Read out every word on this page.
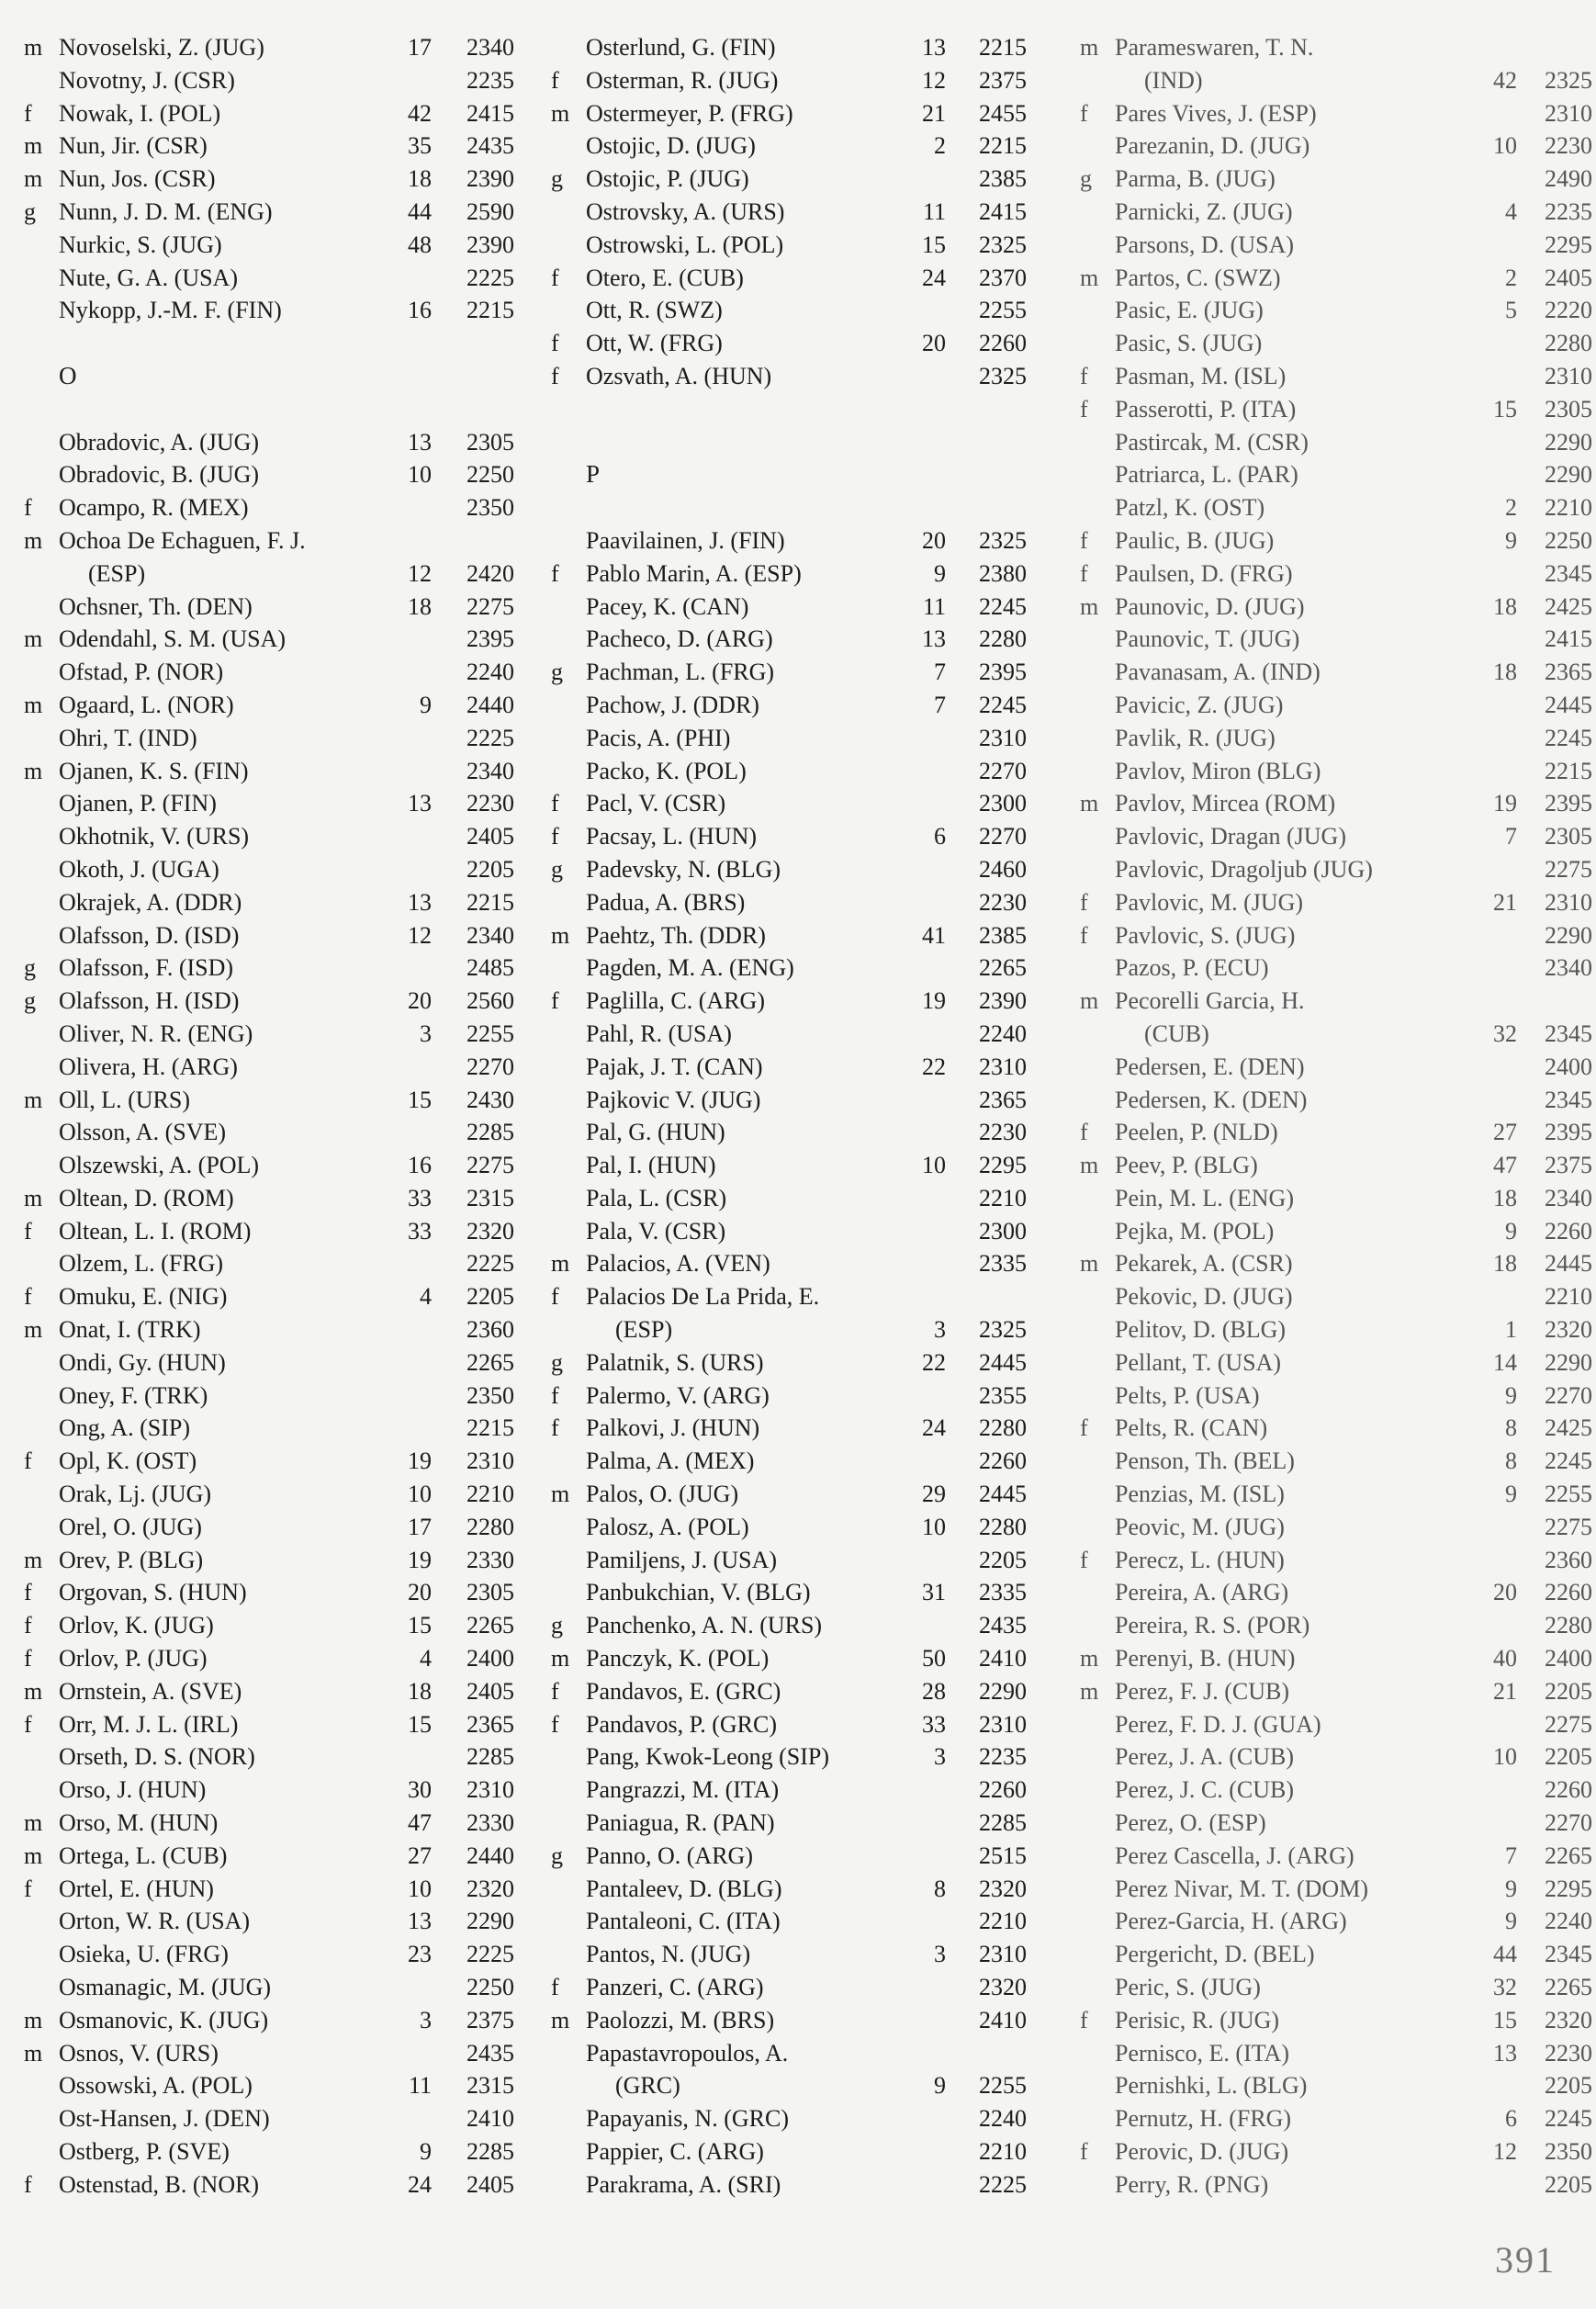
m Novoselski, Z. (JUG)	17	2340
Novotny, J. (CSR)	2235
f	Nowak, I. (POL)	42	2415
m Nun, Jir. (CSR)	35	2435
m Nun, Jos. (CSR)	18	2390
g Nunn, J. D. M. (ENG)	44	2590
Nurkic, S. (JUG)	48	2390
Nute, G. A. (USA)	2225
Nykopp, J.-M. F. (FIN)	16	2215
O
Obradovic, A. (JUG)	13	2305
Obradovic, B. (JUG)	10	2250
f	Ocampo, R. (MEX)	2350
m Ochoa De Echaguen, F. J.
(ESP)	12	2420
Ochsner, Th. (DEN)	18	2275
m Odendahl, S. M. (USA)	2395
Ofstad, P. (NOR)	2240
m Ogaard, L. (NOR)	9	2440
Ohri, T. (IND)	2225
m Ojanen, K. S. (FIN)	2340
Ojanen, P. (FIN)	13	2230
Okhotnik, V. (URS)	2405
Okoth, J. (UGA)	2205
Okrajek, A. (DDR)	13	2215
Olafsson, D. (ISD)	12	2340
g Olafsson, F. (ISD)	2485
g Olafsson, H. (ISD)	20	2560
Oliver, N. R. (ENG)	3	2255
Olivera, H. (ARG)	2270
m Oll, L. (URS)	15	2430
Olsson, A. (SVE)	2285
Olszewski, A. (POL)	16	2275
m Oltean, D. (ROM)	33	2315
f	Oltean, L. I. (ROM)	33	2320
Olzem, L. (FRG)	2225
f	Omuku, E. (NIG)	4	2205
m Onat, I. (TRK)	2360
Ondi, Gy. (HUN)	2265
Oney, F. (TRK)	2350
Ong, A. (SIP)	2215
f	Opl, K. (OST)	19	2310
Orak, Lj. (JUG)	10	2210
Orel, O. (JUG)	17	2280
m Orev, P. (BLG)	19	2330
f	Orgovan, S. (HUN)	20	2305
f	Orlov, K. (JUG)	15	2265
f	Orlov, P. (JUG)	4	2400
m Ornstein, A. (SVE)	18	2405
f	Orr, M. J. L. (IRL)	15	2365
Orseth, D. S. (NOR)	2285
Orso, J. (HUN)	30	2310
m Orso, M. (HUN)	47	2330
m Ortega, L. (CUB)	27	2440
f	Ortel, E. (HUN)	10	2320
Orton, W. R. (USA)	13	2290
Osieka, U. (FRG)	23	2225
Osmanagic, M. (JUG)	2250
m Osmanovic, K. (JUG)	3	2375
m Osnos, V. (URS)	2435
Ossowski, A. (POL)	11	2315
Ost-Hansen, J. (DEN)	2410
Ostberg, P. (SVE)	9	2285
f	Ostenstad, B. (NOR)	24	2405
Osterlund, G. (FIN)	13	2215
f	Osterman, R. (JUG)	12	2375
m Ostermeyer, P. (FRG)	21	2455
Ostojic, D. (JUG)	2	2215
g Ostojic, P. (JUG)	2385
Ostrovsky, A. (URS)	11	2415
Ostrowski, L. (POL)	15	2325
f	Otero, E. (CUB)	24	2370
Ott, R. (SWZ)	2255
f	Ott, W. (FRG)	20	2260
f	Ozsvath, A. (HUN)	2325
P
Paavilainen, J. (FIN)	20	2325
f	Pablo Marin, A. (ESP)	9	2380
Pacey, K. (CAN)	11	2245
Pacheco, D. (ARG)	13	2280
g Pachman, L. (FRG)	7	2395
Pachow, J. (DDR)	7	2245
Pacis, A. (PHI)	2310
Packo, K. (POL)	2270
f	Pacl, V. (CSR)	2300
f	Pacsay, L. (HUN)	6	2270
g Padevsky, N. (BLG)	2460
Padua, A. (BRS)	2230
m Paehtz, Th. (DDR)	41	2385
Pagden, M. A. (ENG)	2265
f	Paglilla, C. (ARG)	19	2390
Pahl, R. (USA)	2240
Pajak, J. T. (CAN)	22	2310
Pajkovic V. (JUG)	2365
Pal, G. (HUN)	2230
Pal, I. (HUN)	10	2295
Pala, L. (CSR)	2210
Pala, V. (CSR)	2300
m Palacios, A. (VEN)	2335
f	Palacios De La Prida, E.
(ESP)	3	2325
g Palatnik, S. (URS)	22	2445
f	Palermo, V. (ARG)	2355
f	Palkovi, J. (HUN)	24	2280
Palma, A. (MEX)	2260
m Palos, O. (JUG)	29	2445
Palosz, A. (POL)	10	2280
Pamiljens, J. (USA)	2205
Panbukchian, V. (BLG)	31	2335
g Panchenko, A. N. (URS)	2435
m Panczyk, K. (POL)	50	2410
f	Pandavos, E. (GRC)	28	2290
f	Pandavos, P. (GRC)	33	2310
Pang, Kwok-Leong (SIP)	3	2235
Pangrazzi, M. (ITA)	2260
Paniagua, R. (PAN)	2285
g Panno, O. (ARG)	2515
Pantaleev, D. (BLG)	8	2320
Pantaleoni, C. (ITA)	2210
Pantos, N. (JUG)	3	2310
f	Panzeri, C. (ARG)	2320
m Paolozzi, M. (BRS)	2410
Papastavropoulos, A.
(GRC)	9	2255
Papayanis, N. (GRC)	2240
Pappier, C. (ARG)	2210
Parakrama, A. (SRI)	2225
m Parameswaren, T. N.
(IND)	42	2325
f	Pares Vives, J. (ESP)	2310
Parezanin, D. (JUG)	10	2230
g Parma, B. (JUG)	2490
Parnicki, Z. (JUG)	4	2235
Parsons, D. (USA)	2295
m Partos, C. (SWZ)	2	2405
Pasic, E. (JUG)	5	2220
Pasic, S. (JUG)	2280
f	Pasman, M. (ISL)	2310
f	Passerotti, P. (ITA)	15	2305
Pastircak, M. (CSR)	2290
Patriarca, L. (PAR)	2290
Patzl, K. (OST)	2	2210
f	Paulic, B. (JUG)	9	2250
f	Paulsen, D. (FRG)	2345
m Paunovic, D. (JUG)	18	2425
Paunovic, T. (JUG)	2415
Pavanasam, A. (IND)	18	2365
Pavicic, Z. (JUG)	2445
Pavlik, R. (JUG)	2245
Pavlov, Miron (BLG)	2215
m Pavlov, Mircea (ROM)	19	2395
Pavlovic, Dragan (JUG)	7	2305
Pavlovic, Dragoljub (JUG)	2275
f	Pavlovic, M. (JUG)	21	2310
f	Pavlovic, S. (JUG)	2290
Pazos, P. (ECU)	2340
m Pecorelli Garcia, H.
(CUB)	32	2345
Pedersen, E. (DEN)	2400
Pedersen, K. (DEN)	2345
f	Peelen, P. (NLD)	27	2395
m Peev, P. (BLG)	47	2375
Pein, M. L. (ENG)	18	2340
Pejka, M. (POL)	9	2260
m Pekarek, A. (CSR)	18	2445
Pekovic, D. (JUG)	2210
Pelitov, D. (BLG)	1	2320
Pellant, T. (USA)	14	2290
Pelts, P. (USA)	9	2270
f	Pelts, R. (CAN)	8	2425
Penson, Th. (BEL)	8	2245
Penzias, M. (ISL)	9	2255
Peovic, M. (JUG)	2275
f	Perecz, L. (HUN)	2360
Pereira, A. (ARG)	20	2260
Pereira, R. S. (POR)	2280
m Perenyi, B. (HUN)	40	2400
m Perez, F. J. (CUB)	21	2205
Perez, F. D. J. (GUA)	2275
Perez, J. A. (CUB)	10	2205
Perez, J. C. (CUB)	2260
Perez, O. (ESP)	2270
Perez Cascella, J. (ARG)	7	2265
Perez Nivar, M. T. (DOM)	9	2295
Perez-Garcia, H. (ARG)	9	2240
Pergericht, D. (BEL)	44	2345
Peric, S. (JUG)	32	2265
f	Perisic, R. (JUG)	15	2320
Pernisco, E. (ITA)	13	2230
Pernishki, L. (BLG)	2205
Pernutz, H. (FRG)	6	2245
f	Perovic, D. (JUG)	12	2350
Perry, R. (PNG)	2205
391
